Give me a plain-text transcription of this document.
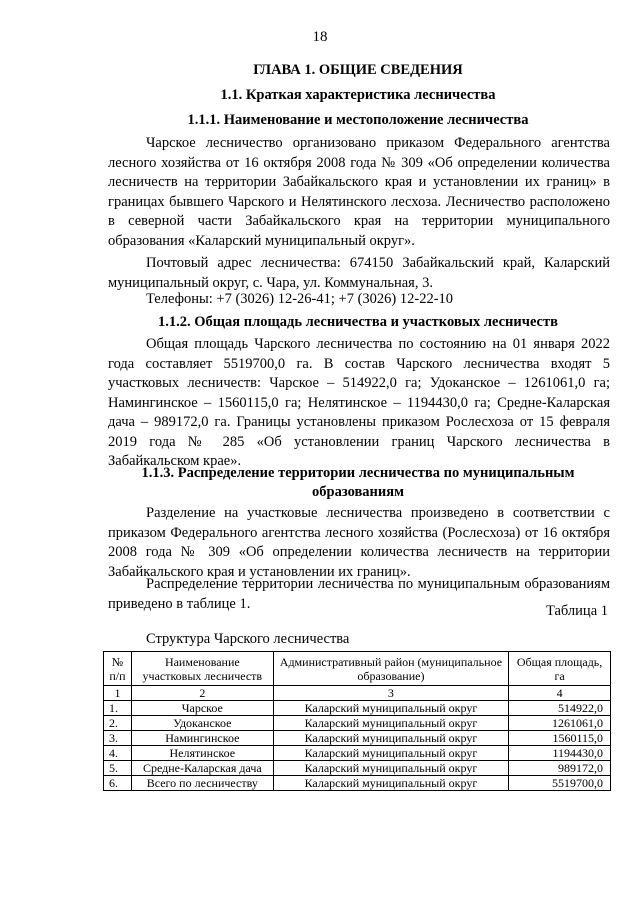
18
ГЛАВА 1. ОБЩИЕ СВЕДЕНИЯ
1.1. Краткая характеристика лесничества
1.1.1. Наименование и местоположение лесничества
Чарское лесничество организовано приказом Федерального агентства лесного хозяйства от 16 октября 2008 года № 309 «Об определении количества лесничеств на территории Забайкальского края и установлении их границ» в границах бывшего Чарского и Нелятинского лесхоза. Лесничество расположено в северной части Забайкальского края на территории муниципального образования «Каларский муниципальный округ».
Почтовый адрес лесничества: 674150 Забайкальский край, Каларский муниципальный округ, с. Чара, ул. Коммунальная, 3.
Телефоны: +7 (3026) 12-26-41; +7 (3026) 12-22-10
1.1.2. Общая площадь лесничества и участковых лесничеств
Общая площадь Чарского лесничества по состоянию на 01 января 2022 года составляет 5519700,0 га. В состав Чарского лесничества входят 5 участковых лесничеств: Чарское – 514922,0 га; Удоканское – 1261061,0 га; Намингинское – 1560115,0 га; Нелятинское – 1194430,0 га; Средне-Каларская дача – 989172,0 га. Границы установлены приказом Рослесхоза от 15 февраля 2019 года № 285 «Об установлении границ Чарского лесничества в Забайкальском крае».
1.1.3. Распределение территории лесничества по муниципальным образованиям
Разделение на участковые лесничества произведено в соответствии с приказом Федерального агентства лесного хозяйства (Рослесхоза) от 16 октября 2008 года № 309 «Об определении количества лесничеств на территории Забайкальского края и установлении их границ».
Распределение территории лесничества по муниципальным образованиям приведено в таблице 1.	Таблица 1
Структура Чарского лесничества
№ п/п	Наименование участковых лесничеств	Административный район (муниципальное образование)	Общая площадь, га
1	2	3	4
1.	Чарское	Каларский муниципальный округ	514922,0
2.	Удоканское	Каларский муниципальный округ	1261061,0
3.	Намингинское	Каларский муниципальный округ	1560115,0
4.	Нелятинское	Каларский муниципальный округ	1194430,0
5.	Средне-Каларская дача	Каларский муниципальный округ	989172,0
6.	Всего по лесничеству	Каларский муниципальный округ	5519700,0
